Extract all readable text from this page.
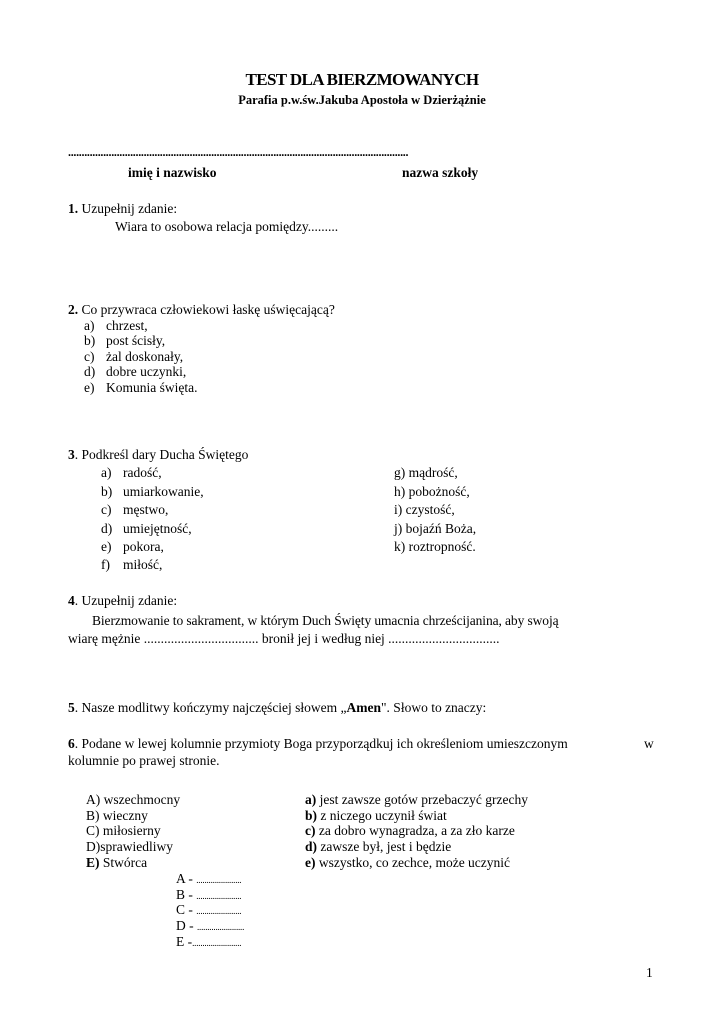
TEST DLA BIERZMOWANYCH
Parafia p.w.św.Jakuba Apostoła w Dzierżążnie
..............................................................................................................................
imię i nazwisko	nazwa szkoły
1. Uzupełnij zdanie:
Wiara to osobowa relacja pomiędzy.........
2. Co przywraca człowiekowi łaskę uświęcającą?
a) chrzest,
b) post ścisły,
c) żal doskonały,
d) dobre uczynki,
e) Komunia święta.
3. Podkreśl dary Ducha Świętego
a) radość,
b) umiarkowanie,
c) męstwo,
d) umiejętność,
e) pokora,
f) miłość,
g) mądrość,
h) pobożność,
i) czystość,
j) bojaźń Boża,
k) roztropność.
4. Uzupełnij zdanie:
Bierzmowanie to sakrament, w którym Duch Święty umacnia chrześcijanina, aby swoją
wiarę mężnie .................................. bronił jej i według niej .................................
5. Nasze modlitwy kończymy najczęściej słowem „Amen". Słowo to znaczy:
6. Podane w lewej kolumnie przymioty Boga przyporządkuj ich określeniom umieszczonym	w
kolumnie po prawej stronie.
A) wszechmocny
B) wieczny
C) miłosierny
D)sprawiedliwy
E) Stwórca
a) jest zawsze gotów przebaczyć grzechy
b) z niczego uczynił świat
c) za dobro wynagradza, a za zło karze
d) zawsze był, jest i będzie
e) wszystko, co zechce, może uczynić
A - ......................
B - ......................
C - ......................
D - .......................
E -........................
1
